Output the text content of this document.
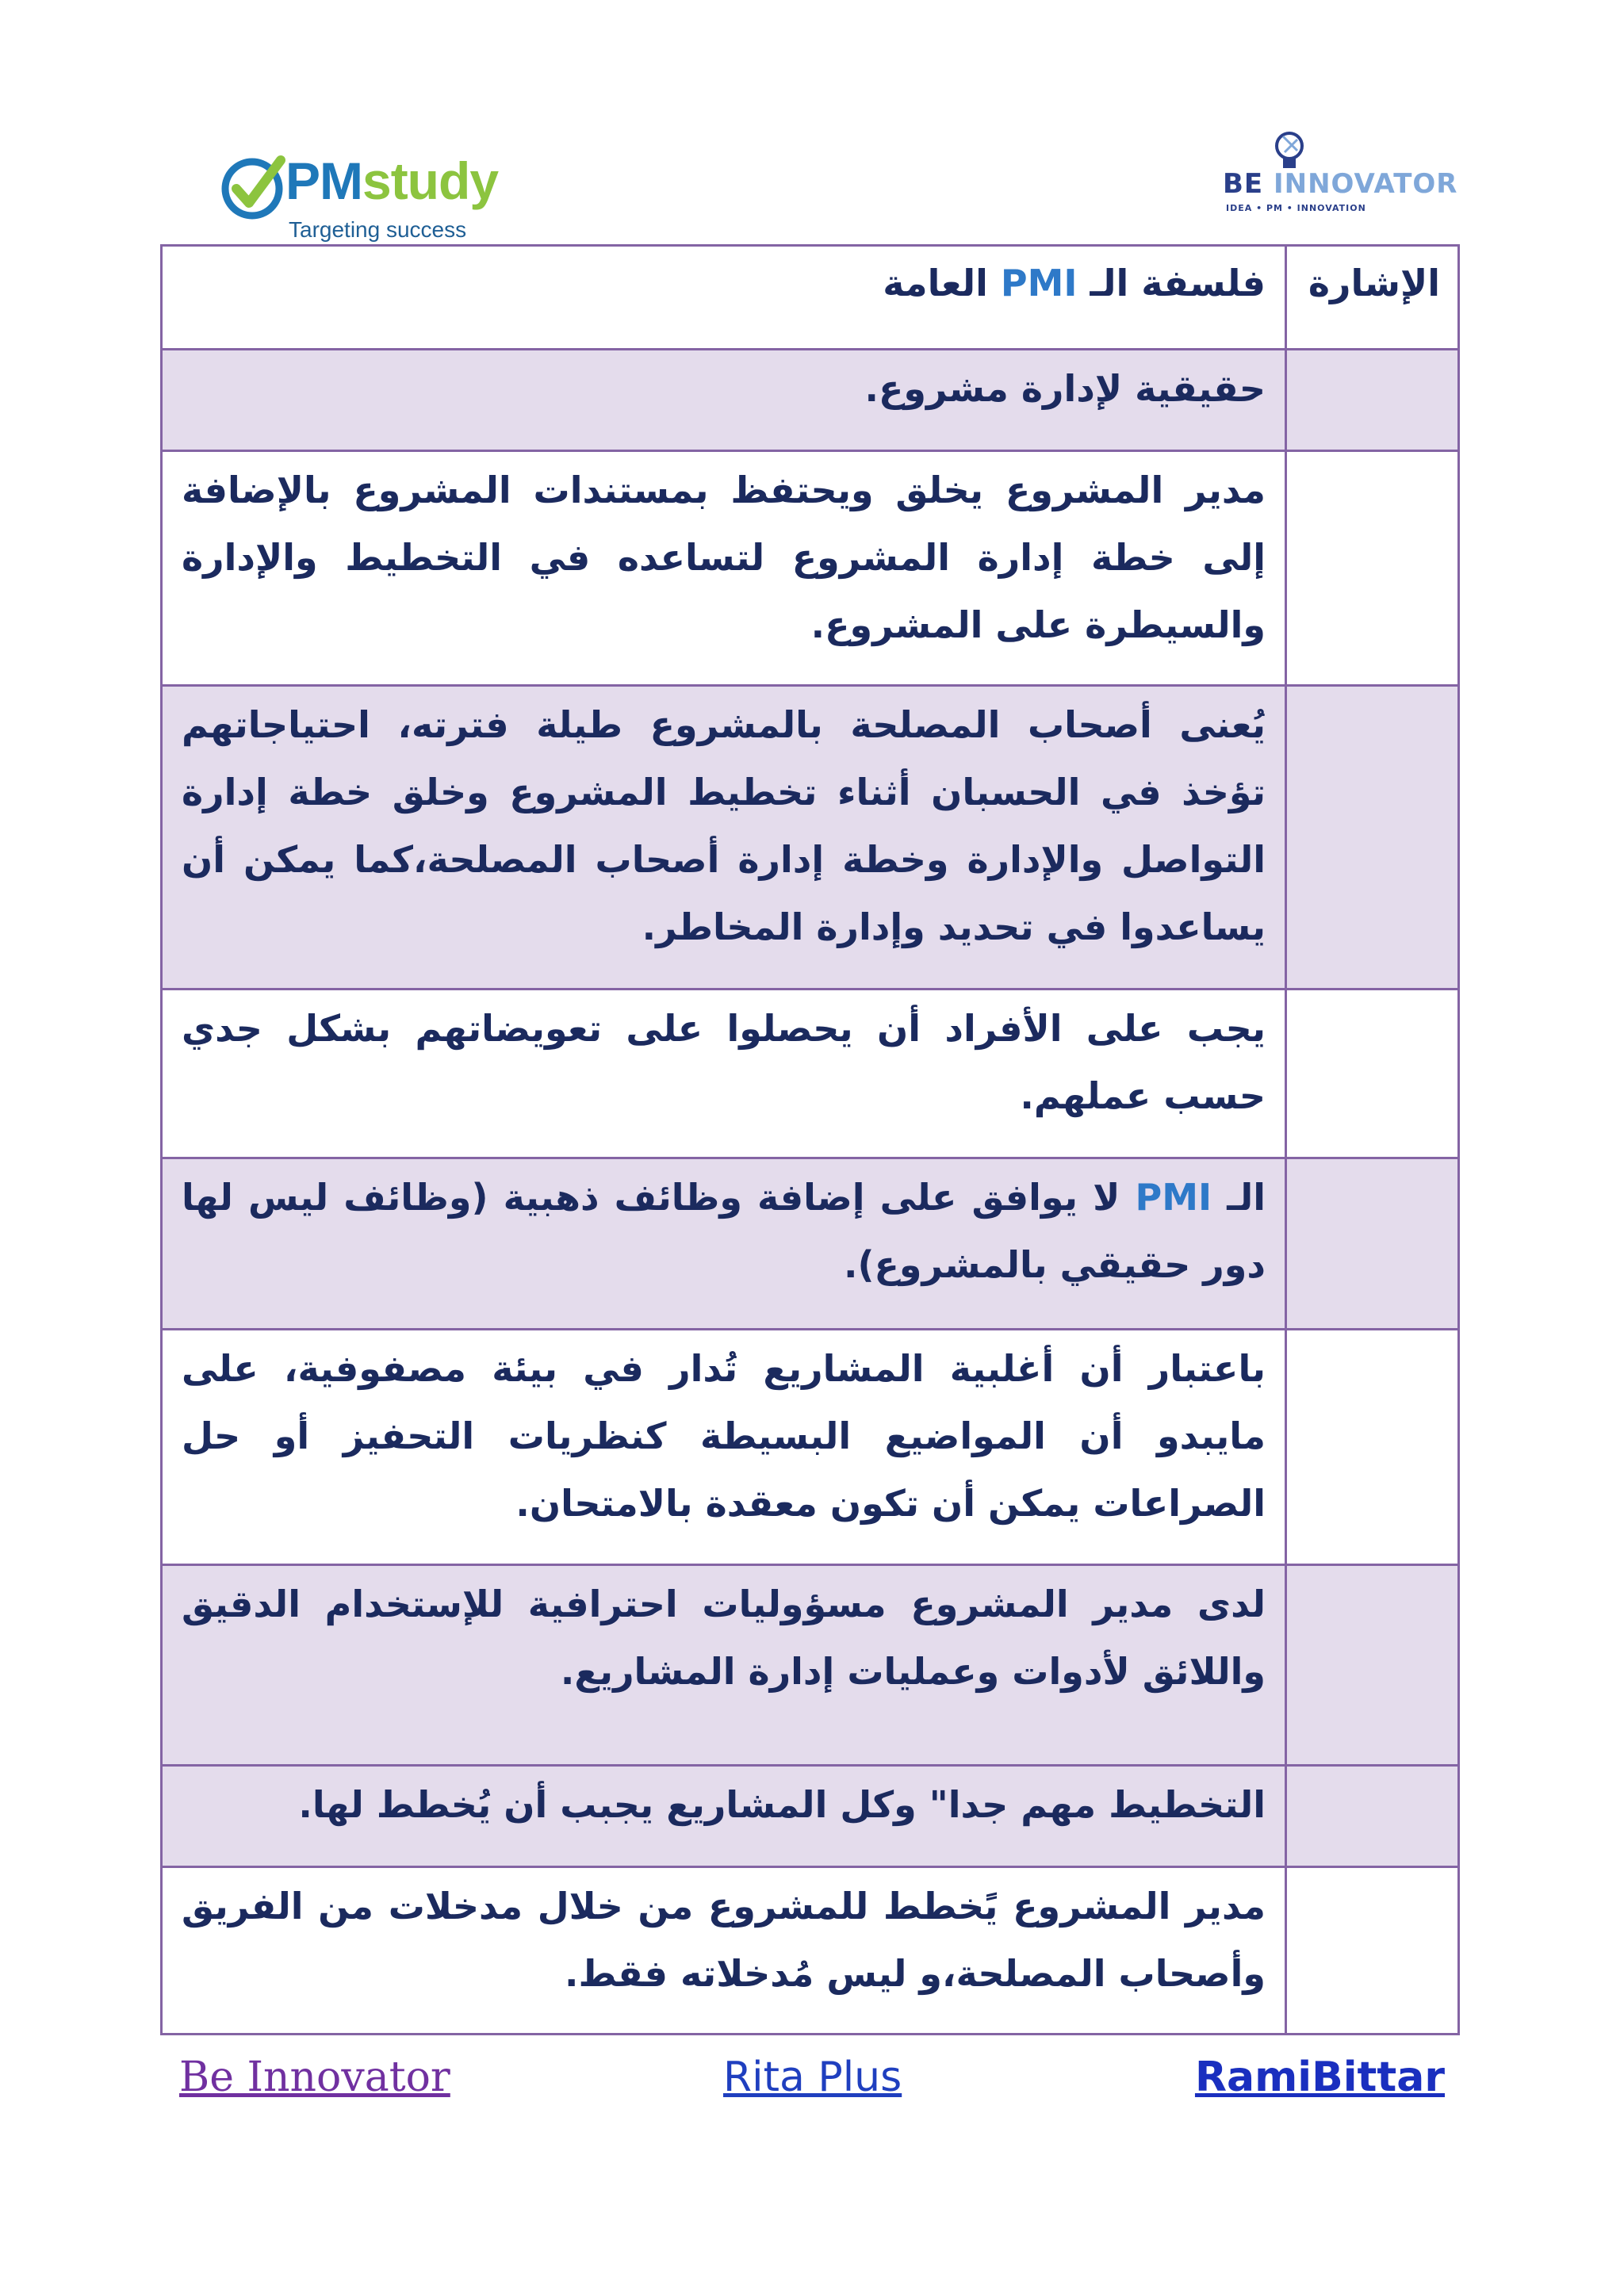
PMstudy
Targeting success
BE INNOVATOR
IDEA • PM • INNOVATION
فلسفة الـ PMI العامة	الإشارة

حقيقية لإدارة مشروع.	

مدير المشروع يخلق ويحتفظ بمستندات المشروع بالإضافة إلى خطة إدارة المشروع لتساعده في التخطيط والإدارة والسيطرة على المشروع.	

يُعنى أصحاب المصلحة بالمشروع طيلة فترته، احتياجاتهم تؤخذ في الحسبان أثناء تخطيط المشروع وخلق خطة إدارة التواصل والإدارة وخطة إدارة أصحاب المصلحة،كما يمكن أن يساعدوا في تحديد وإدارة المخاطر.	

يجب على الأفراد أن يحصلوا على تعويضاتهم بشكل جدي حسب عملهم.	

الـ PMI لا يوافق على إضافة وظائف ذهبية (وظائف ليس لها دور حقيقي بالمشروع).	

باعتبار أن أغلبية المشاريع تُدار في بيئة مصفوفية، على مايبدو أن المواضيع البسيطة كنظريات التحفيز أو حل الصراعات يمكن أن تكون معقدة بالامتحان.	

لدى مدير المشروع مسؤوليات احترافية للإستخدام الدقيق واللائق لأدوات وعمليات إدارة المشاريع.	

التخطيط مهم جدا" وكل المشاريع يجبب أن يُخطط لها.	

مدير المشروع يًخطط للمشروع من خلال مدخلات من الفريق وأصحاب المصلحة،و ليس مُدخلاته فقط.	

Be Innovator	Rita Plus	RamiBittar
